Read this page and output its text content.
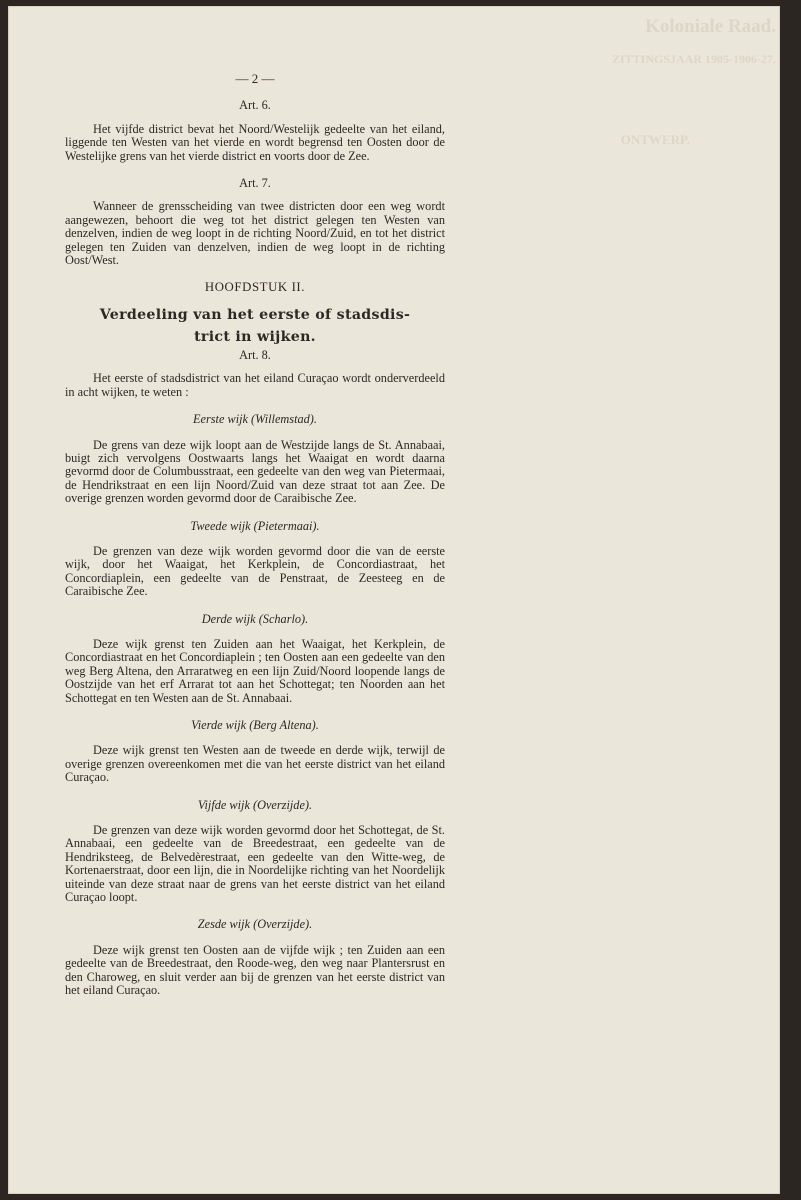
Koloniale Raad.
ZITTINGSJAAR 1905-1906-27.
ONTWERP.
— 2 —
Art. 6.

Het vijfde district bevat het Noord/Westelijk gedeelte van het eiland, liggende ten Westen van het vierde en wordt begrensd ten Oosten door de Westelijke grens van het vierde district en voorts door de Zee.

Art. 7.

Wanneer de grensscheiding van twee districten door een weg wordt aangewezen, behoort die weg tot het district gelegen ten Westen van denzelven, indien de weg loopt in de richting Noord/Zuid, en tot het district gelegen ten Zuiden van denzelven, indien de weg loopt in de richting Oost/West.

HOOFDSTUK II.
Verdeeling van het eerste of stadsdis-
trict in wijken.
Art. 8.

Het eerste of stadsdistrict van het eiland Curaçao wordt onderverdeeld in acht wijken, te weten :

Eerste wijk (Willemstad).

De grens van deze wijk loopt aan de Westzijde langs de St. Annabaai, buigt zich vervolgens Oostwaarts langs het Waaigat en wordt daarna gevormd door de Columbusstraat, een gedeelte van den weg van Pietermaai, de Hendrikstraat en een lijn Noord/Zuid van deze straat tot aan Zee. De overige grenzen worden gevormd door de Caraibische Zee.

Tweede wijk (Pietermaai).

De grenzen van deze wijk worden gevormd door die van de eerste wijk, door het Waaigat, het Kerkplein, de Concordiastraat, het Concordiaplein, een gedeelte van de Penstraat, de Zeesteeg en de Caraibische Zee.

Derde wijk (Scharlo).

Deze wijk grenst ten Zuiden aan het Waaigat, het Kerkplein, de Concordiastraat en het Concordiaplein ; ten Oosten aan een gedeelte van den weg Berg Altena, den Arraratweg en een lijn Zuid/Noord loopende langs de Oostzijde van het erf Arrarat tot aan het Schottegat; ten Noorden aan het Schottegat en ten Westen aan de St. Annabaai.

Vierde wijk (Berg Altena).

Deze wijk grenst ten Westen aan de tweede en derde wijk, terwijl de overige grenzen overeenkomen met die van het eerste district van het eiland Curaçao.

Vijfde wijk (Overzijde).

De grenzen van deze wijk worden gevormd door het Schottegat, de St. Annabaai, een gedeelte van de Breedestraat, een gedeelte van de Hendriksteeg, de Belvedèrestraat, een gedeelte van den Witte-weg, de Kortenaerstraat, door een lijn, die in Noordelijke richting van het Noordelijk uiteinde van deze straat naar de grens van het eerste district van het eiland Curaçao loopt.

Zesde wijk (Overzijde).

Deze wijk grenst ten Oosten aan de vijfde wijk ; ten Zuiden aan een gedeelte van de Breedestraat, den Roode-weg, den weg naar Plantersrust en den Charoweg, en sluit verder aan bij de grenzen van het eerste district van het eiland Curaçao.
